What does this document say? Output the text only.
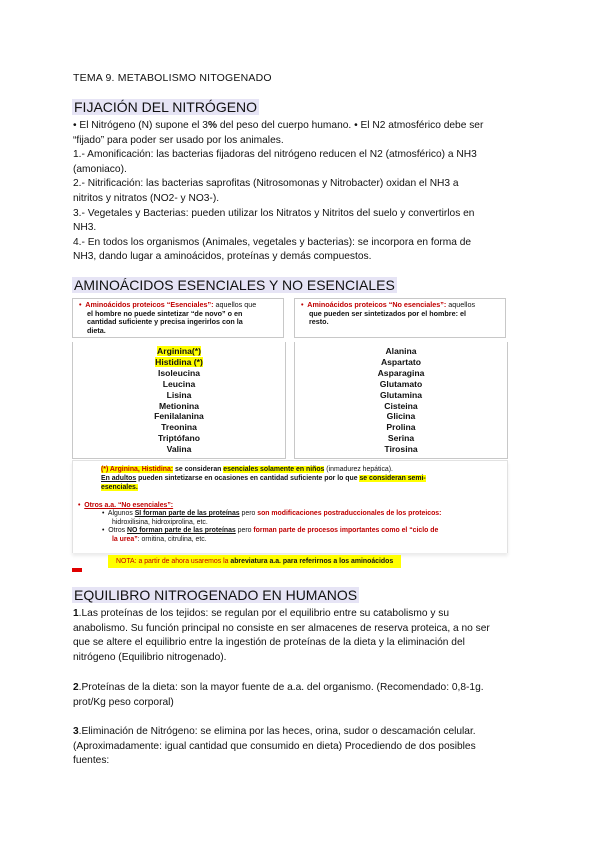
TEMA 9. METABOLISMO NITOGENADO
FIJACIÓN DEL NITRÓGENO
• El Nitrógeno (N) supone el 3% del peso del cuerpo humano. • El N2 atmosférico debe ser
“fijado” para poder ser usado por los animales.
1.- Amonificación: las bacterias fijadoras del nitrógeno reducen el N2 (atmosférico) a NH3
(amoniaco).
2.- Nitrificación: las bacterias saprofitas (Nitrosomonas y Nitrobacter) oxidan el NH3 a
nitritos y nitratos (NO2- y NO3-).
3.- Vegetales y Bacterias: pueden utilizar los Nitratos y Nitritos del suelo y convertirlos en
NH3.
4.- En todos los organismos (Animales, vegetales y bacterias): se incorpora en forma de
NH3, dando lugar a aminoácidos, proteínas y demás compuestos.
AMINOÁCIDOS ESENCIALES Y NO ESENCIALES
• Aminoácidos proteicos “Esenciales”: aquellos que
el hombre no puede sintetizar “de novo” o en
cantidad suficiente y precisa ingerirlos con la
dieta.
• Aminoácidos proteicos “No esenciales”: aquellos
que pueden ser sintetizados por el hombre: el
resto.
Arginina(*)
Histidina (*)
Isoleucina
Leucina
Lisina
Metionina
Fenilalanina
Treonina
Triptófano
Valina
Alanina
Aspartato
Asparagina
Glutamato
Glutamina
Cisteina
Glicina
Prolina
Serina
Tirosina
(*) Arginina, Histidina: se consideran esenciales solamente en niños (inmadurez hepática).
En adultos pueden sintetizarse en ocasiones en cantidad suficiente por lo que se consideran semi-
esenciales.
•  Otros a.a. “No esenciales”:
•  Algunos SI forman parte de las proteínas pero son modificaciones postraduccionales de los proteicos:
hidroxilisina, hidroxiprolina, etc.
•  Otros NO forman parte de las proteínas pero forman parte de procesos importantes como el “ciclo de
la urea”: ornitina, citrulina, etc.
NOTA: a partir de ahora usaremos la abreviatura a.a. para referirnos a los aminoácidos
EQUILIBRO NITROGENADO EN HUMANOS
1.Las proteínas de los tejidos: se regulan por el equilibrio entre su catabolismo y su
anabolismo. Su función principal no consiste en ser almacenes de reserva proteica, a no ser
que se altere el equilibrio entre la ingestión de proteínas de la dieta y la eliminación del
nitrógeno (Equilibrio nitrogenado).
2.Proteínas de la dieta: son la mayor fuente de a.a. del organismo. (Recomendado: 0,8-1g.
prot/Kg peso corporal)
3.Eliminación de Nitrógeno: se elimina por las heces, orina, sudor o descamación celular.
(Aproximadamente: igual cantidad que consumido en dieta) Procediendo de dos posibles
fuentes:
